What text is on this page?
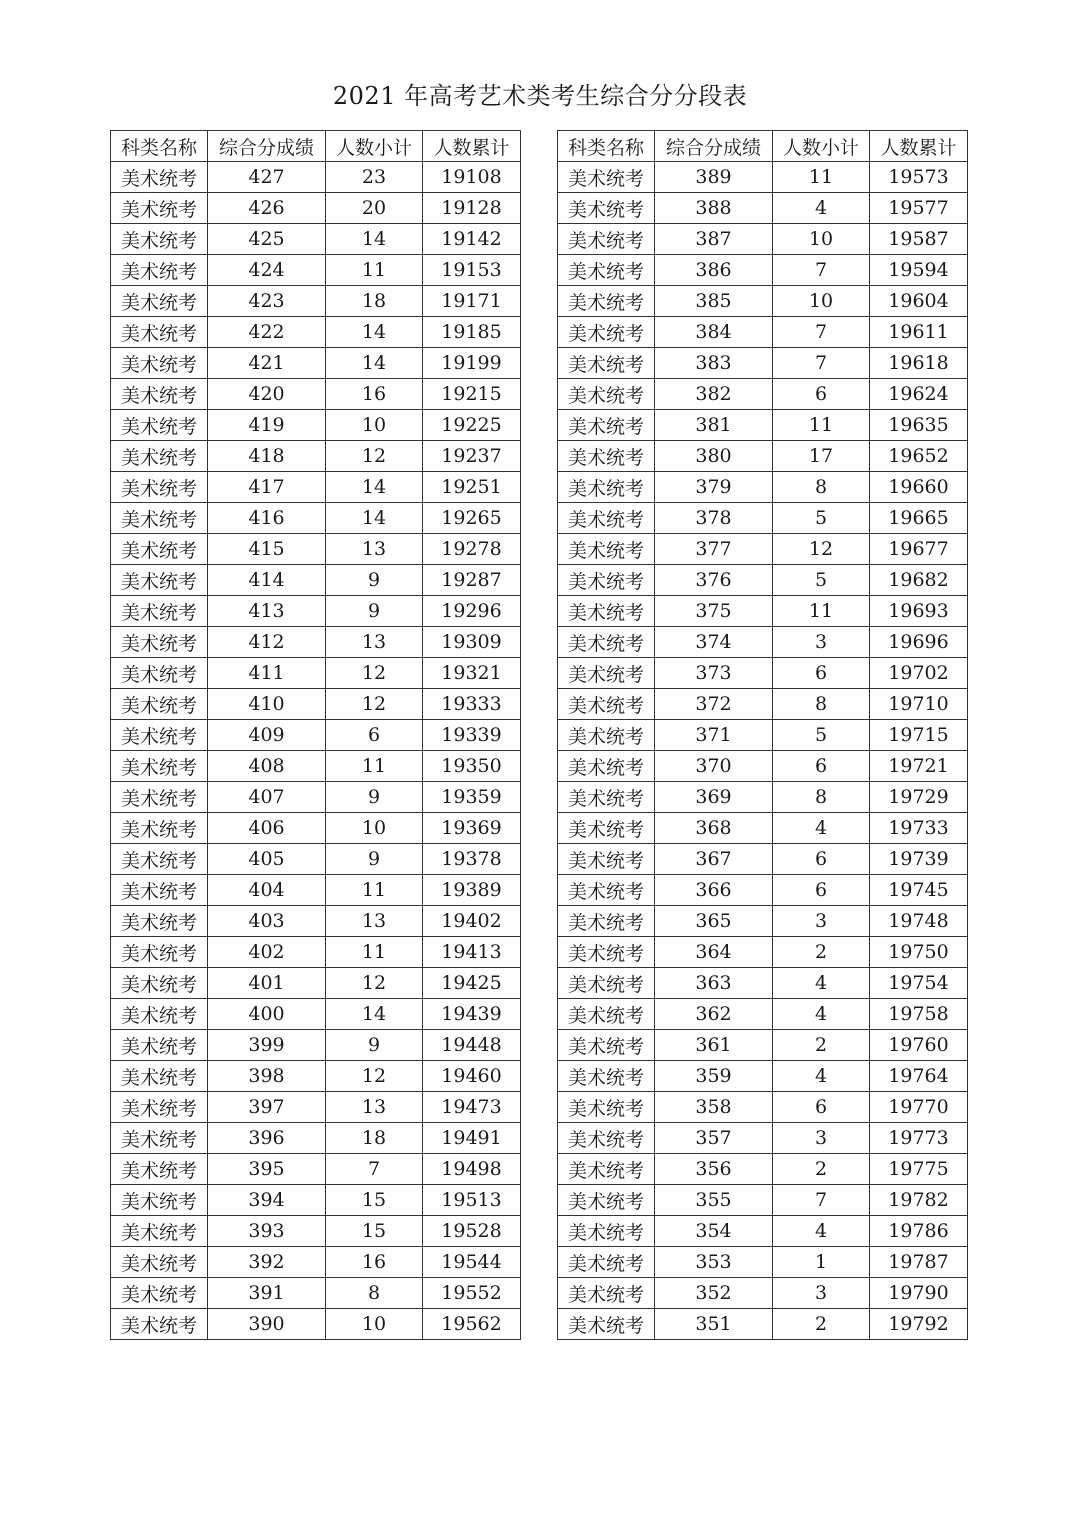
2021 年高考艺术类考生综合分分段表
科类名称	综合分成绩	人数小计	人数累计
美术统考	427	23	19108
美术统考	426	20	19128
美术统考	425	14	19142
美术统考	424	11	19153
美术统考	423	18	19171
美术统考	422	14	19185
美术统考	421	14	19199
美术统考	420	16	19215
美术统考	419	10	19225
美术统考	418	12	19237
美术统考	417	14	19251
美术统考	416	14	19265
美术统考	415	13	19278
美术统考	414	9	19287
美术统考	413	9	19296
美术统考	412	13	19309
美术统考	411	12	19321
美术统考	410	12	19333
美术统考	409	6	19339
美术统考	408	11	19350
美术统考	407	9	19359
美术统考	406	10	19369
美术统考	405	9	19378
美术统考	404	11	19389
美术统考	403	13	19402
美术统考	402	11	19413
美术统考	401	12	19425
美术统考	400	14	19439
美术统考	399	9	19448
美术统考	398	12	19460
美术统考	397	13	19473
美术统考	396	18	19491
美术统考	395	7	19498
美术统考	394	15	19513
美术统考	393	15	19528
美术统考	392	16	19544
美术统考	391	8	19552
美术统考	390	10	19562
科类名称	综合分成绩	人数小计	人数累计
美术统考	389	11	19573
美术统考	388	4	19577
美术统考	387	10	19587
美术统考	386	7	19594
美术统考	385	10	19604
美术统考	384	7	19611
美术统考	383	7	19618
美术统考	382	6	19624
美术统考	381	11	19635
美术统考	380	17	19652
美术统考	379	8	19660
美术统考	378	5	19665
美术统考	377	12	19677
美术统考	376	5	19682
美术统考	375	11	19693
美术统考	374	3	19696
美术统考	373	6	19702
美术统考	372	8	19710
美术统考	371	5	19715
美术统考	370	6	19721
美术统考	369	8	19729
美术统考	368	4	19733
美术统考	367	6	19739
美术统考	366	6	19745
美术统考	365	3	19748
美术统考	364	2	19750
美术统考	363	4	19754
美术统考	362	4	19758
美术统考	361	2	19760
美术统考	359	4	19764
美术统考	358	6	19770
美术统考	357	3	19773
美术统考	356	2	19775
美术统考	355	7	19782
美术统考	354	4	19786
美术统考	353	1	19787
美术统考	352	3	19790
美术统考	351	2	19792
